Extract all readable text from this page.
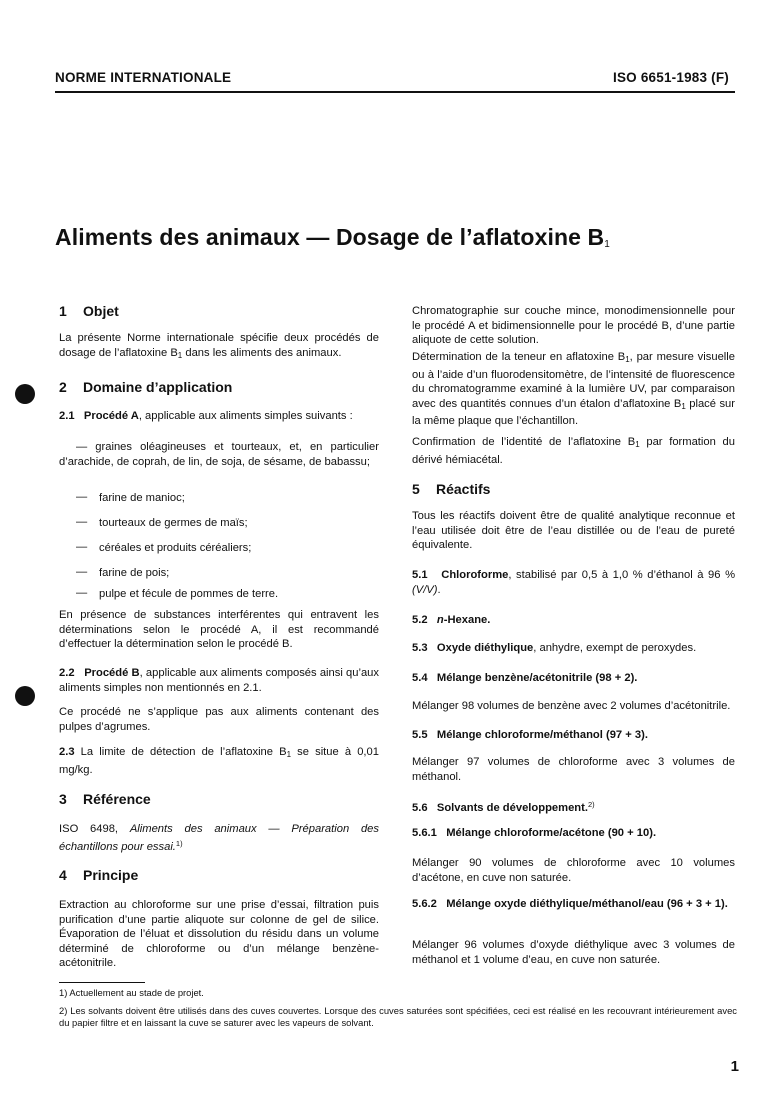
NORME INTERNATIONALE	ISO 6651-1983 (F)
Aliments des animaux — Dosage de l’aflatoxine $B_1$
1 Objet

La présente Norme internationale spécifie deux procédés de dosage de l’aflatoxine $B_1$ dans les aliments des animaux.

2 Domaine d’application

2.1 Procédé A, applicable aux aliments simples suivants :

— graines oléagineuses et tourteaux, et, en particulier d’arachide, de coprah, de lin, de soja, de sésame, de babassu;

— farine de manioc;

— tourteaux de germes de maïs;

— céréales et produits céréaliers;

— farine de pois;

— pulpe et fécule de pommes de terre.

En présence de substances interférentes qui entravent les déterminations selon le procédé A, il est recommandé d’effectuer la détermination selon le procédé B.

2.2 Procédé B, applicable aux aliments composés ainsi qu’aux aliments simples non mentionnés en 2.1.

Ce procédé ne s’applique pas aux aliments contenant des pulpes d’agrumes.

2.3 La limite de détection de l’aflatoxine $B_1$ se situe à 0,01 mg/kg.

3 Référence

ISO 6498, Aliments des animaux — Préparation des échantillons pour essai.$^{1)}$

4 Principe

Extraction au chloroforme sur une prise d’essai, filtration puis purification d’une partie aliquote sur colonne de gel de silice. Évaporation de l’éluat et dissolution du résidu dans un volume déterminé de chloroforme ou d’un mélange benzène-acétonitrile.

Chromatographie sur couche mince, monodimensionnelle pour le procédé A et bidimensionnelle pour le procédé B, d’une partie aliquote de cette solution.

Détermination de la teneur en aflatoxine $B_1$, par mesure visuelle ou à l’aide d’un fluorodensitomètre, de l’intensité de fluorescence du chromatogramme examiné à la lumière UV, par comparaison avec des quantités connues d’un étalon d’aflatoxine $B_1$ placé sur la même plaque que l’échantillon.

Confirmation de l’identité de l’aflatoxine $B_1$ par formation du dérivé hémiacétal.

5 Réactifs

Tous les réactifs doivent être de qualité analytique reconnue et l’eau utilisée doit être de l’eau distillée ou de l’eau de pureté équivalente.

5.1 Chloroforme, stabilisé par 0,5 à 1,0 % d’éthanol à 96 % (V/V).

5.2 n-Hexane.

5.3 Oxyde diéthylique, anhydre, exempt de peroxydes.

5.4 Mélange benzène/acétonitrile (98 + 2).

Mélanger 98 volumes de benzène avec 2 volumes d’acétonitrile.

5.5 Mélange chloroforme/méthanol (97 + 3).

Mélanger 97 volumes de chloroforme avec 3 volumes de méthanol.

5.6 Solvants de développement.$^{2)}$

5.6.1 Mélange chloroforme/acétone (90 + 10).

Mélanger 90 volumes de chloroforme avec 10 volumes d’acétone, en cuve non saturée.

5.6.2 Mélange oxyde diéthylique/méthanol/eau (96 + 3 + 1).

Mélanger 96 volumes d’oxyde diéthylique avec 3 volumes de méthanol et 1 volume d’eau, en cuve non saturée.

1) Actuellement au stade de projet.

2) Les solvants doivent être utilisés dans des cuves couvertes. Lorsque des cuves saturées sont spécifiées, ceci est réalisé en les recouvrant intérieurement avec du papier filtre et en laissant la cuve se saturer avec les vapeurs de solvant.

1
